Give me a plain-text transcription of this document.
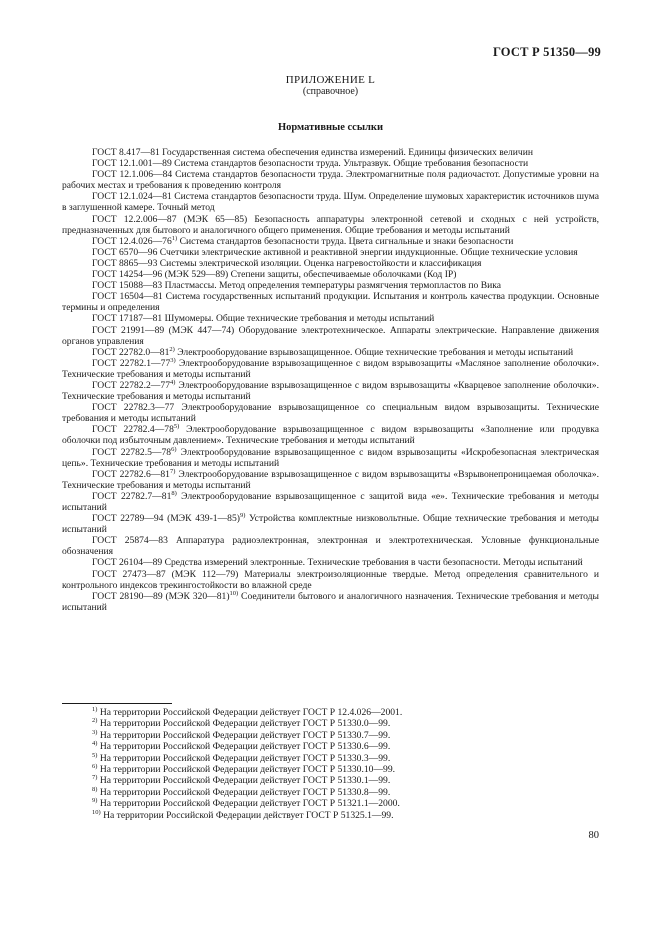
ГОСТ Р 51350—99
ПРИЛОЖЕНИЕ L
(справочное)
Нормативные ссылки

ГОСТ 8.417—81 Государственная система обеспечения единства измерений. Единицы физических величин

ГОСТ 12.1.001—89 Система стандартов безопасности труда. Ультразвук. Общие требования безопасности

ГОСТ 12.1.006—84 Система стандартов безопасности труда. Электромагнитные поля радиочастот. Допустимые уровни на рабочих местах и требования к проведению контроля

ГОСТ 12.1.024—81 Система стандартов безопасности труда. Шум. Определение шумовых характеристик источников шума в заглушенной камере. Точный метод

ГОСТ 12.2.006—87 (МЭК 65—85) Безопасность аппаратуры электронной сетевой и сходных с ней устройств, предназначенных для бытового и аналогичного общего применения. Общие требования и методы испытаний

ГОСТ 12.4.026—76$^{1)}$ Система стандартов безопасности труда. Цвета сигнальные и знаки безопасности

ГОСТ 6570—96 Счетчики электрические активной и реактивной энергии индукционные. Общие технические условия

ГОСТ 8865—93 Системы электрической изоляции. Оценка нагревостойкости и классификация

ГОСТ 14254—96 (МЭК 529—89) Степени защиты, обеспечиваемые оболочками (Код IP)

ГОСТ 15088—83 Пластмассы. Метод определения температуры размягчения термопластов по Вика

ГОСТ 16504—81 Система государственных испытаний продукции. Испытания и контроль качества продукции. Основные термины и определения

ГОСТ 17187—81 Шумомеры. Общие технические требования и методы испытаний

ГОСТ 21991—89 (МЭК 447—74) Оборудование электротехническое. Аппараты электрические. Направление движения органов управления

ГОСТ 22782.0—81$^{2)}$ Электрооборудование взрывозащищенное. Общие технические требования и методы испытаний

ГОСТ 22782.1—77$^{3)}$ Электрооборудование взрывозащищенное с видом взрывозащиты «Масляное заполнение оболочки». Технические требования и методы испытаний

ГОСТ 22782.2—77$^{4)}$ Электрооборудование взрывозащищенное с видом взрывозащиты «Кварцевое заполнение оболочки». Технические требования и методы испытаний

ГОСТ 22782.3—77 Электрооборудование взрывозащищенное со специальным видом взрывозащиты. Технические требования и методы испытаний

ГОСТ 22782.4—78$^{5)}$ Электрооборудование взрывозащищенное с видом взрывозащиты «Заполнение или продувка оболочки под избыточным давлением». Технические требования и методы испытаний

ГОСТ 22782.5—78$^{6)}$ Электрооборудование взрывозащищенное с видом взрывозащиты «Искробезопасная электрическая цепь». Технические требования и методы испытаний

ГОСТ 22782.6—81$^{7)}$ Электрооборудование взрывозащищенное с видом взрывозащиты «Взрывонепроницаемая оболочка». Технические требования и методы испытаний

ГОСТ 22782.7—81$^{8)}$ Электрооборудование взрывозащищенное с защитой вида «е». Технические требования и методы испытаний

ГОСТ 22789—94 (МЭК 439-1—85)$^{9)}$ Устройства комплектные низковольтные. Общие технические требования и методы испытаний

ГОСТ 25874—83 Аппаратура радиоэлектронная, электронная и электротехническая. Условные функциональные обозначения

ГОСТ 26104—89 Средства измерений электронные. Технические требования в части безопасности. Методы испытаний

ГОСТ 27473—87 (МЭК 112—79) Материалы электроизоляционные твердые. Метод определения сравнительного и контрольного индексов трекингостойкости во влажной среде

ГОСТ 28190—89 (МЭК 320—81)$^{10)}$ Соединители бытового и аналогичного назначения. Технические требования и методы испытаний

$^{1)}$ На территории Российской Федерации действует ГОСТ Р 12.4.026—2001.

$^{2)}$ На территории Российской Федерации действует ГОСТ Р 51330.0—99.

$^{3)}$ На территории Российской Федерации действует ГОСТ Р 51330.7—99.

$^{4)}$ На территории Российской Федерации действует ГОСТ Р 51330.6—99.

$^{5)}$ На территории Российской Федерации действует ГОСТ Р 51330.3—99.

$^{6)}$ На территории Российской Федерации действует ГОСТ Р 51330.10—99.

$^{7)}$ На территории Российской Федерации действует ГОСТ Р 51330.1—99.

$^{8)}$ На территории Российской Федерации действует ГОСТ Р 51330.8—99.

$^{9)}$ На территории Российской Федерации действует ГОСТ Р 51321.1—2000.

$^{10)}$ На территории Российской Федерации действует ГОСТ Р 51325.1—99.

80
